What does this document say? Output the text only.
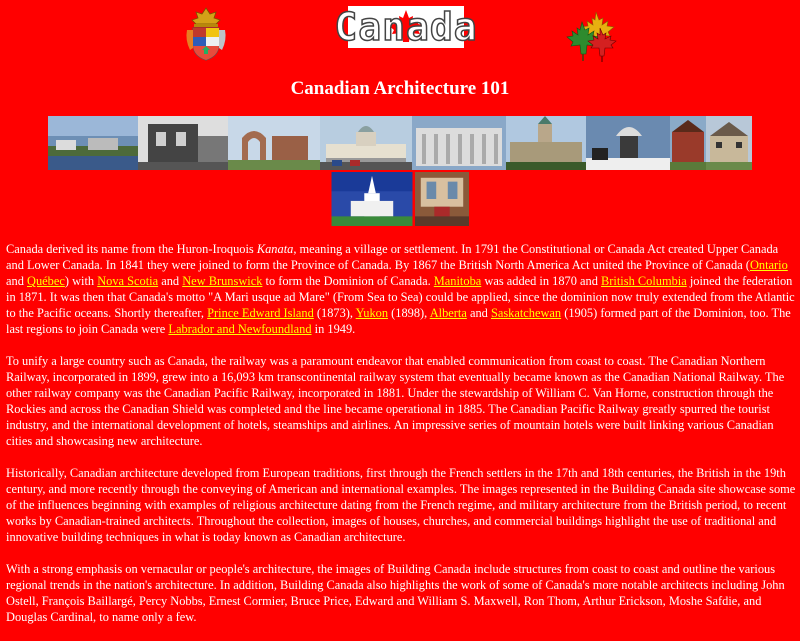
Canada
Canadian Architecture 101

Canada derived its name from the Huron-Iroquois Kanata, meaning a village or settlement. In 1791 the Constitutional or Canada Act created Upper Canada and Lower Canada. In 1841 they were joined to form the Province of Canada. By 1867 the British North America Act united the Province of Canada (Ontario and Québec) with Nova Scotia and New Brunswick to form the Dominion of Canada. Manitoba was added in 1870 and British Columbia joined the federation in 1871. It was then that Canada's motto "A Mari usque ad Mare" (From Sea to Sea) could be applied, since the dominion now truly extended from the Atlantic to the Pacific oceans. Shortly thereafter, Prince Edward Island (1873), Yukon (1898), Alberta and Saskatchewan (1905) formed part of the Dominion, too. The last regions to join Canada were Labrador and Newfoundland in 1949.

To unify a large country such as Canada, the railway was a paramount endeavor that enabled communication from coast to coast. The Canadian Northern Railway, incorporated in 1899, grew into a 16,093 km transcontinental railway system that eventually became known as the Canadian National Railway. The other railway company was the Canadian Pacific Railway, incorporated in 1881. Under the stewardship of William C. Van Horne, construction through the Rockies and across the Canadian Shield was completed and the line became operational in 1885. The Canadian Pacific Railway greatly spurred the tourist industry, and the international development of hotels, steamships and airlines. An impressive series of mountain hotels were built linking various Canadian cities and showcasing new architecture.

Historically, Canadian architecture developed from European traditions, first through the French settlers in the 17th and 18th centuries, the British in the 19th century, and more recently through the conveying of American and international examples. The images represented in the Building Canada site showcase some of the influences beginning with examples of religious architecture dating from the French regime, and military architecture from the British period, to recent works by Canadian-trained architects. Throughout the collection, images of houses, churches, and commercial buildings highlight the use of traditional and innovative building techniques in what is today known as Canadian architecture.

With a strong emphasis on vernacular or people's architecture, the images of Building Canada include structures from coast to coast and outline the various regional trends in the nation's architecture. In addition, Building Canada also highlights the work of some of Canada's more notable architects including John Ostell, François Baillargé, Percy Nobbs, Ernest Cormier, Bruce Price, Edward and William S. Maxwell, Ron Thom, Arthur Erickson, Moshe Safdie, and Douglas Cardinal, to name only a few.
